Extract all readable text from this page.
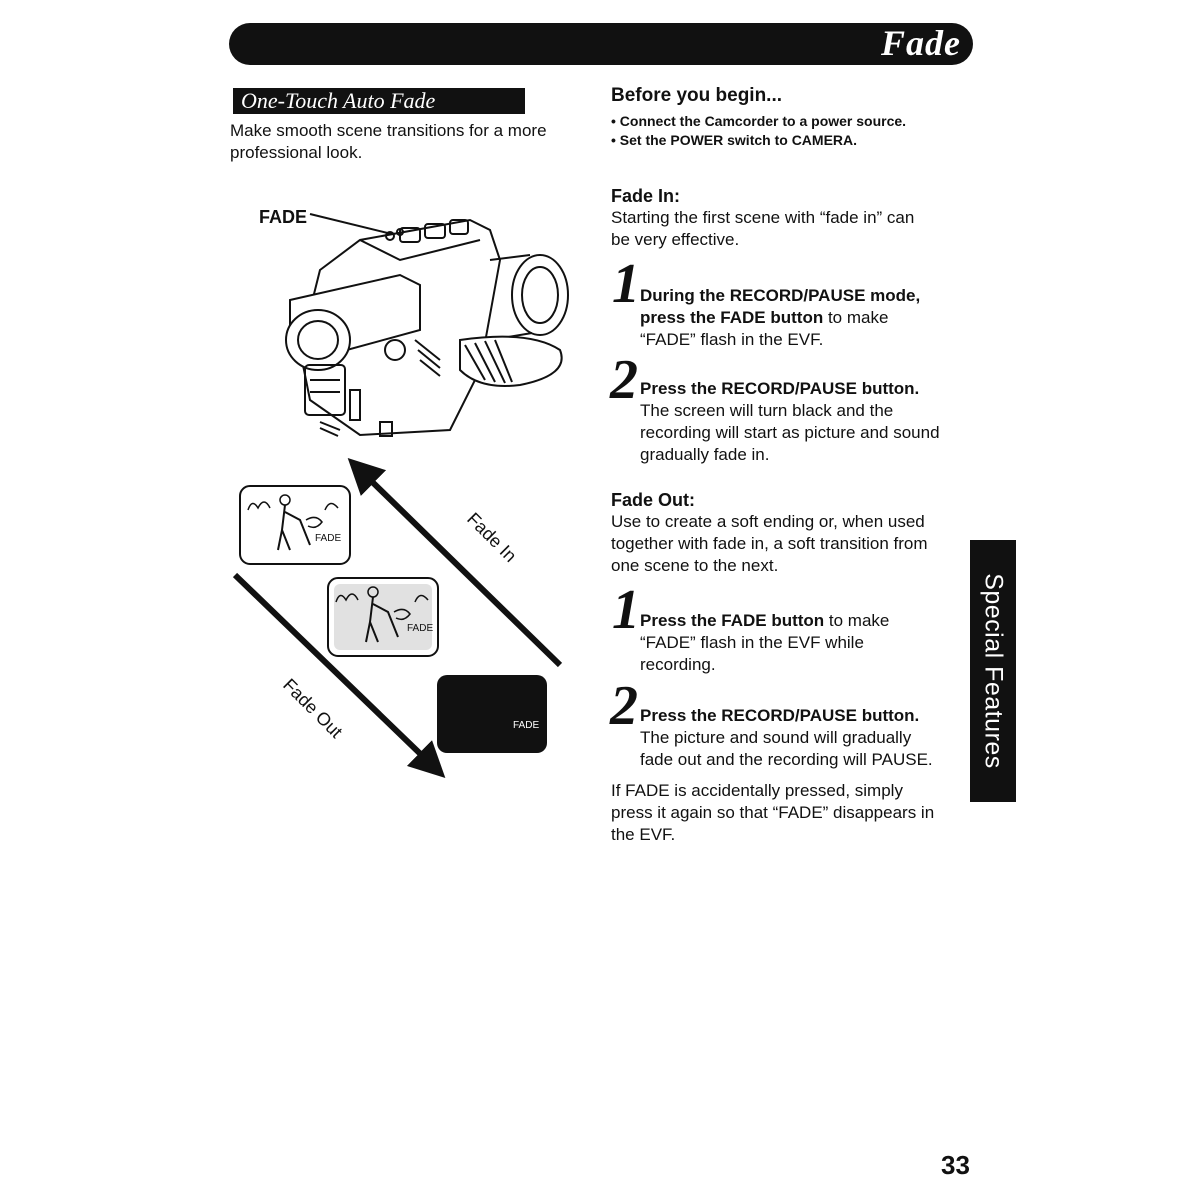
Fade
One-Touch Auto Fade
Make smooth scene transitions for a more
professional look.
FADE
FADE
FADE
FADE
Fade In
Fade Out
Before you begin...
• Connect the Camcorder to a power source.
• Set the POWER switch to CAMERA.
Fade In:
Starting the first scene with “fade in” can
be very effective.
1 During the RECORD/PAUSE mode,
press the FADE button to make
“FADE” flash in the EVF.
2 Press the RECORD/PAUSE button.
The screen will turn black and the
recording will start as picture and sound
gradually fade in.
Fade Out:
Use to create a soft ending or, when used
together with fade in, a soft transition from
one scene to the next.
1 Press the FADE button to make
“FADE” flash in the EVF while
recording.
2 Press the RECORD/PAUSE button.
The picture and sound will gradually
fade out and the recording will PAUSE.
If FADE is accidentally pressed, simply
press it again so that “FADE” disappears in
the EVF.
Special Features
33
